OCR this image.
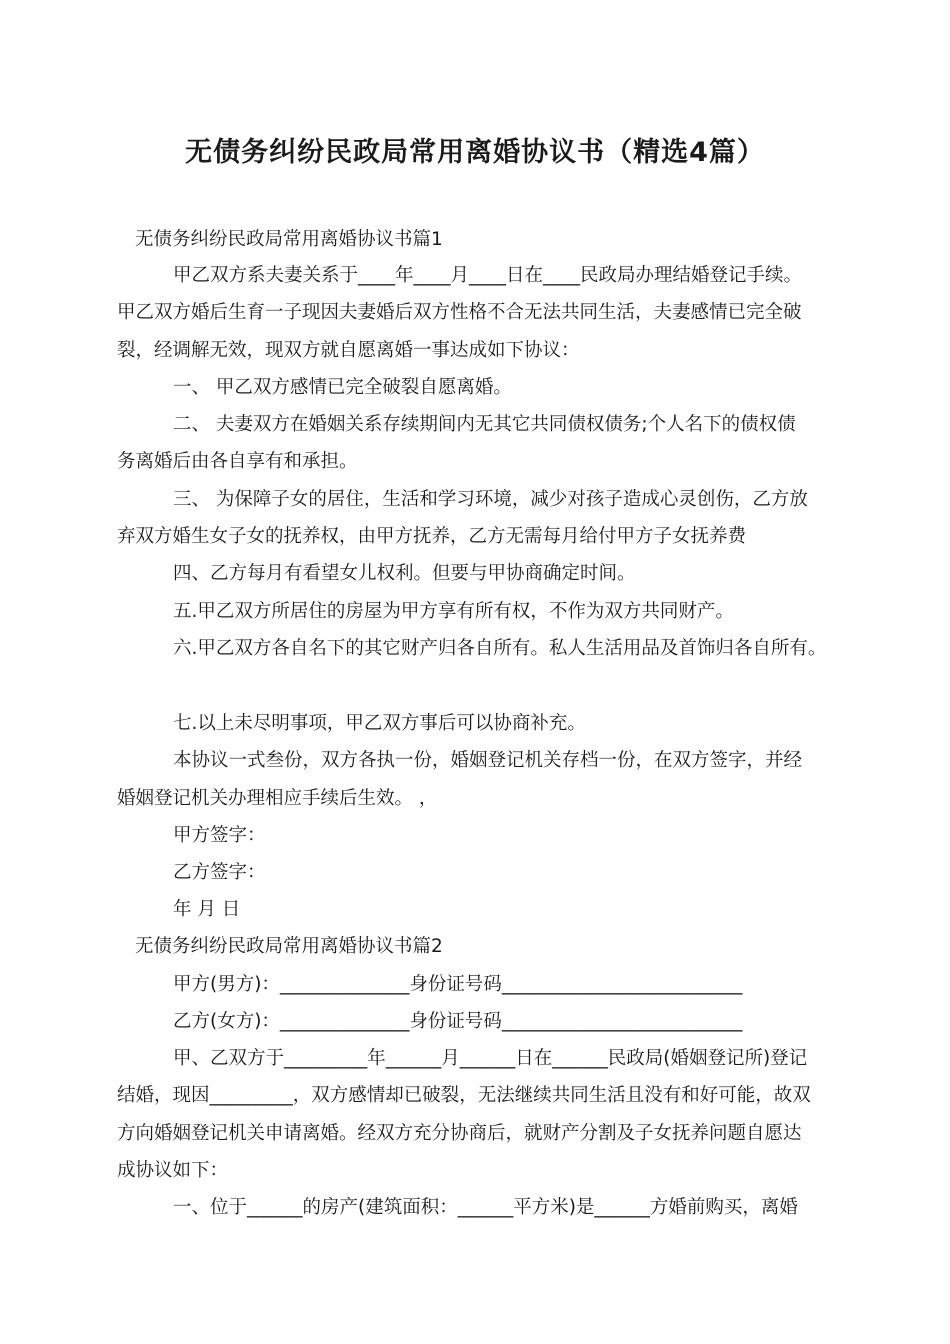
无债务纠纷民政局常用离婚协议书（精选4篇）
无债务纠纷民政局常用离婚协议书篇1
甲乙双方系夫妻关系于____年____月____日在____民政局办理结婚登记手续。
甲乙双方婚后生育一子现因夫妻婚后双方性格不合无法共同生活，夫妻感情已完全破
裂，经调解无效，现双方就自愿离婚一事达成如下协议：
一、 甲乙双方感情已完全破裂自愿离婚。
二、 夫妻双方在婚姻关系存续期间内无其它共同债权债务;个人名下的债权债
务离婚后由各自享有和承担。
三、 为保障子女的居住，生活和学习环境，减少对孩子造成心灵创伤，乙方放
弃双方婚生女子女的抚养权，由甲方抚养，乙方无需每月给付甲方子女抚养费
四、乙方每月有看望女儿权利。但要与甲协商确定时间。
五.甲乙双方所居住的房屋为甲方享有所有权，不作为双方共同财产。
六.甲乙双方各自名下的其它财产归各自所有。私人生活用品及首饰归各自所有。
七.以上未尽明事项，甲乙双方事后可以协商补充。
本协议一式叁份，双方各执一份，婚姻登记机关存档一份，在双方签字，并经
婚姻登记机关办理相应手续后生效。 ，
甲方签字：
乙方签字：
年 月 日
无债务纠纷民政局常用离婚协议书篇2
甲方(男方)：______________身份证号码__________________________
乙方(女方)：______________身份证号码__________________________
甲、乙双方于_________年______月______日在______民政局(婚姻登记所)登记
结婚，现因_________，双方感情却已破裂，无法继续共同生活且没有和好可能，故双
方向婚姻登记机关申请离婚。经双方充分协商后，就财产分割及子女抚养问题自愿达
成协议如下：
一、位于______的房产(建筑面积：______平方米)是______方婚前购买，离婚
